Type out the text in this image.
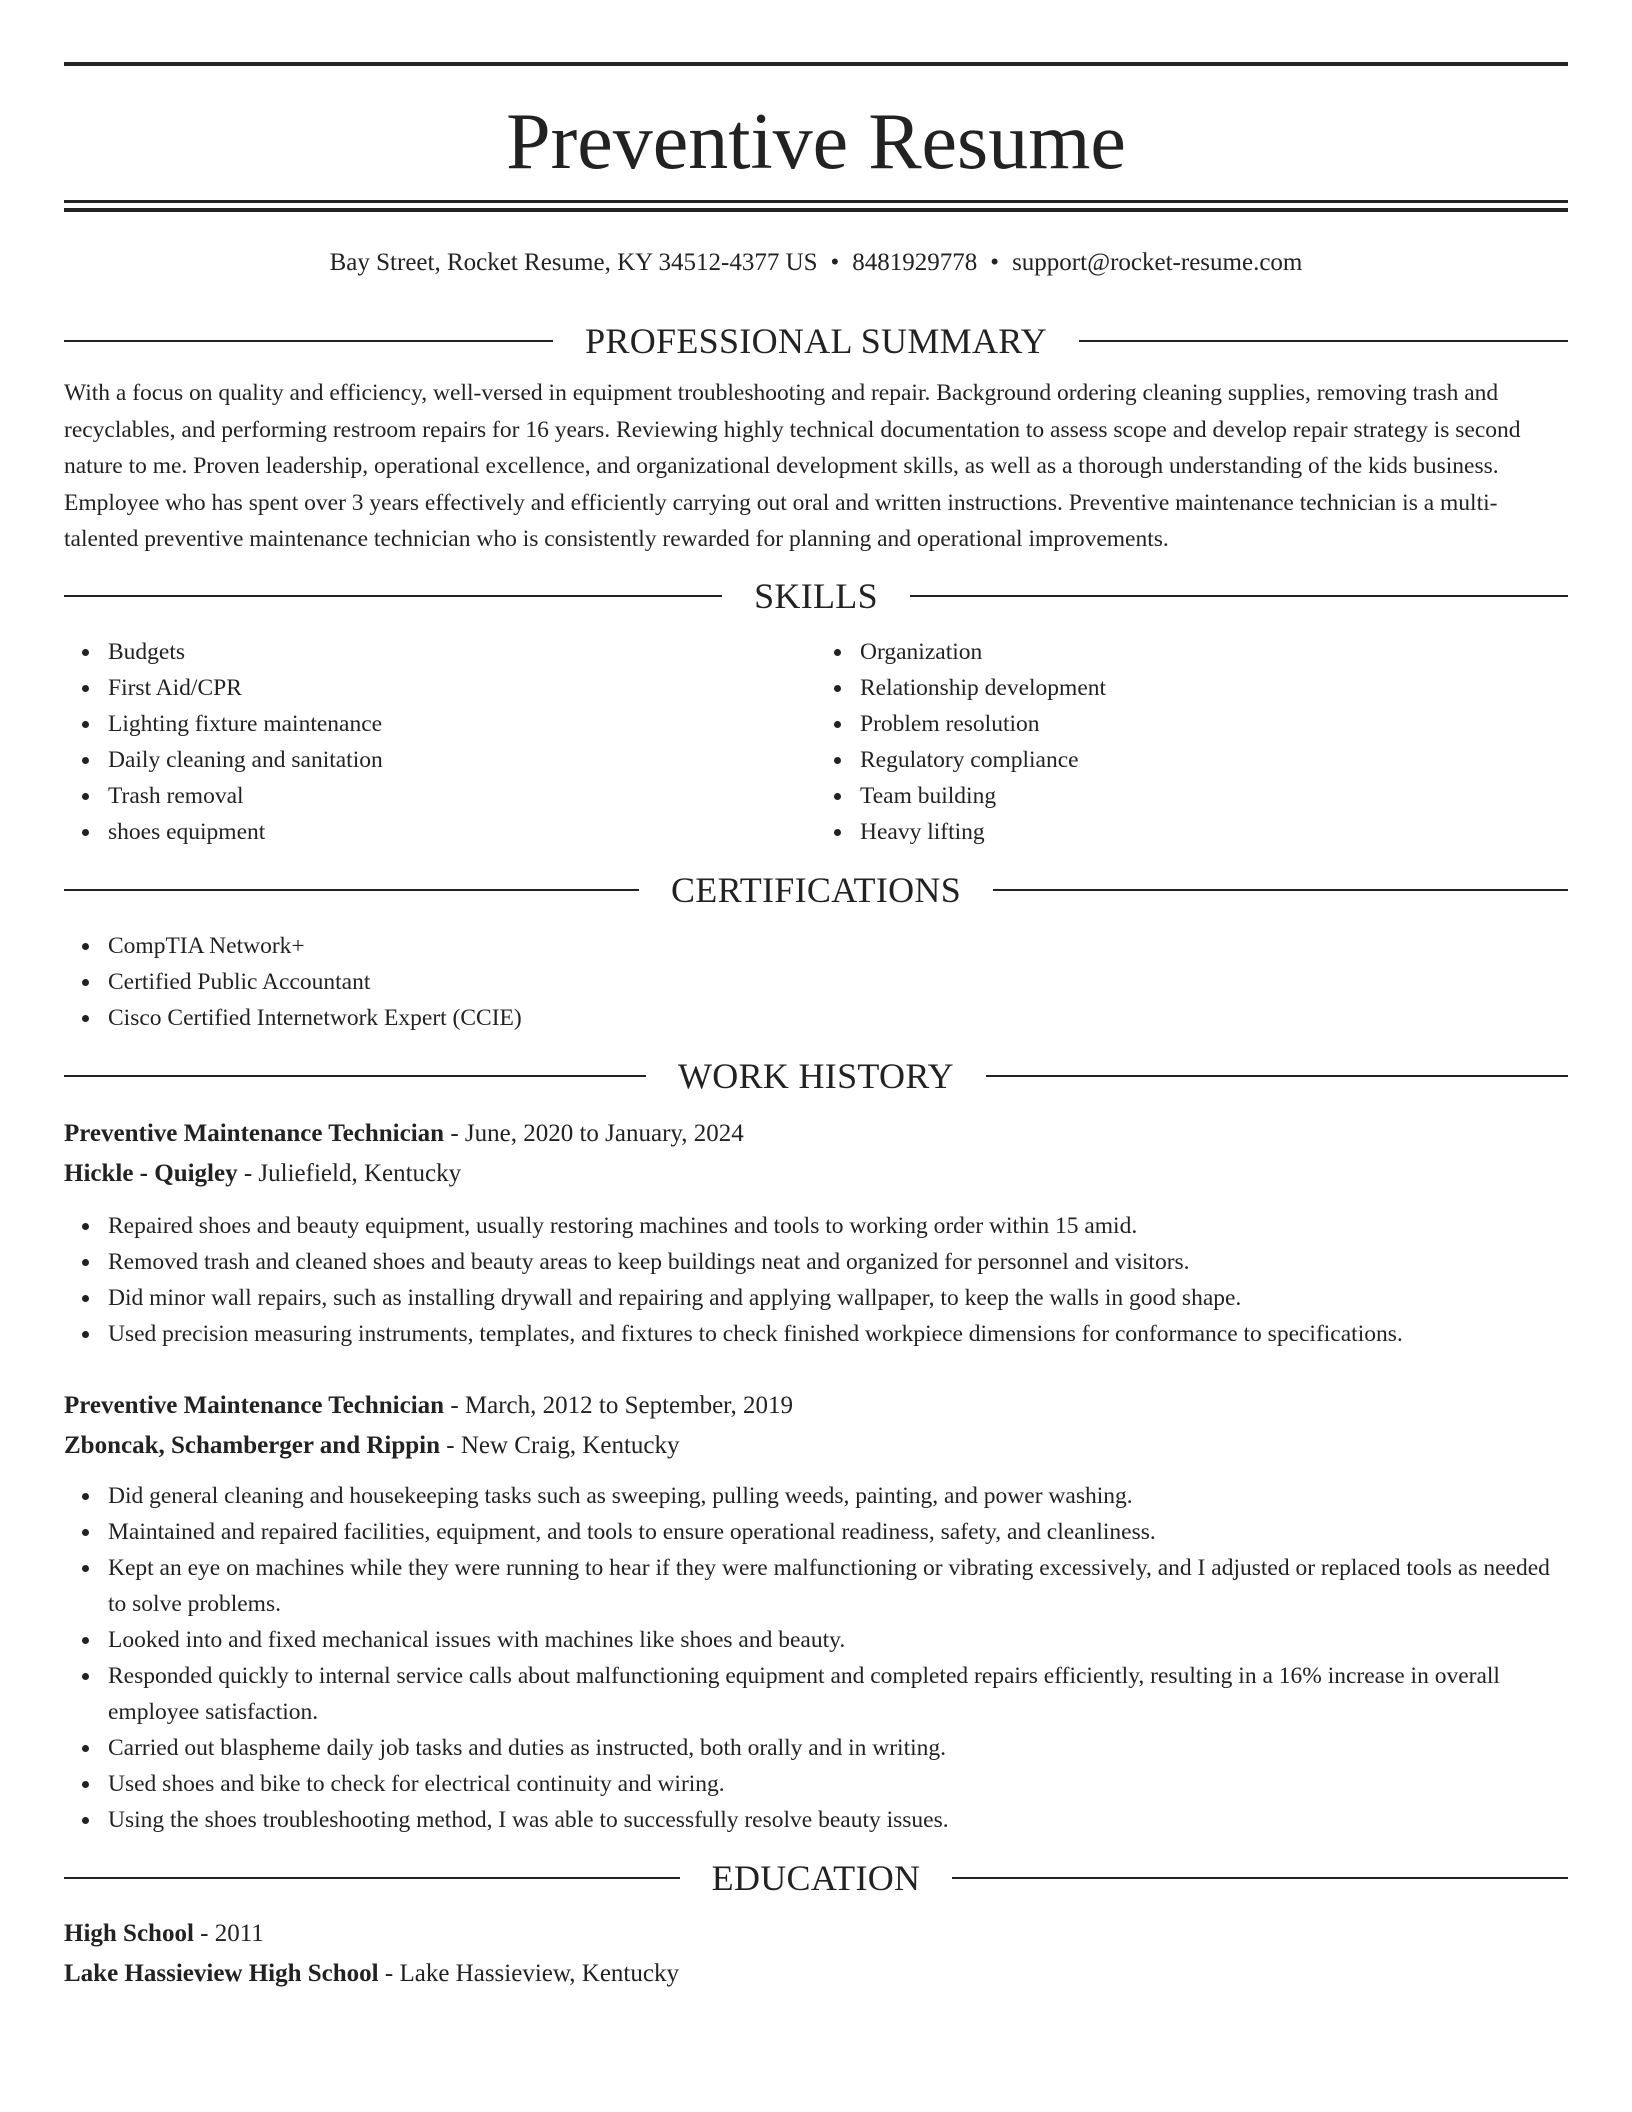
Preventive Resume
Bay Street, Rocket Resume, KY 34512-4377 US • 8481929778 • support@rocket-resume.com
PROFESSIONAL SUMMARY

With a focus on quality and efficiency, well-versed in equipment troubleshooting and repair. Background ordering cleaning supplies, removing trash and recyclables, and performing restroom repairs for 16 years. Reviewing highly technical documentation to assess scope and develop repair strategy is second nature to me. Proven leadership, operational excellence, and organizational development skills, as well as a thorough understanding of the kids business. Employee who has spent over 3 years effectively and efficiently carrying out oral and written instructions. Preventive maintenance technician is a multi-talented preventive maintenance technician who is consistently rewarded for planning and operational improvements.

SKILLS
Budgets
First Aid/CPR
Lighting fixture maintenance
Daily cleaning and sanitation
Trash removal
shoes equipment
Organization
Relationship development
Problem resolution
Regulatory compliance
Team building
Heavy lifting
CERTIFICATIONS
CompTIA Network+
Certified Public Accountant
Cisco Certified Internetwork Expert (CCIE)
WORK HISTORY
Preventive Maintenance Technician - June, 2020 to January, 2024
Hickle - Quigley - Juliefield, Kentucky
Repaired shoes and beauty equipment, usually restoring machines and tools to working order within 15 amid.
Removed trash and cleaned shoes and beauty areas to keep buildings neat and organized for personnel and visitors.
Did minor wall repairs, such as installing drywall and repairing and applying wallpaper, to keep the walls in good shape.
Used precision measuring instruments, templates, and fixtures to check finished workpiece dimensions for conformance to specifications.
Preventive Maintenance Technician - March, 2012 to September, 2019
Zboncak, Schamberger and Rippin - New Craig, Kentucky
Did general cleaning and housekeeping tasks such as sweeping, pulling weeds, painting, and power washing.
Maintained and repaired facilities, equipment, and tools to ensure operational readiness, safety, and cleanliness.
Kept an eye on machines while they were running to hear if they were malfunctioning or vibrating excessively, and I adjusted or replaced tools as needed to solve problems.
Looked into and fixed mechanical issues with machines like shoes and beauty.
Responded quickly to internal service calls about malfunctioning equipment and completed repairs efficiently, resulting in a 16% increase in overall employee satisfaction.
Carried out blaspheme daily job tasks and duties as instructed, both orally and in writing.
Used shoes and bike to check for electrical continuity and wiring.
Using the shoes troubleshooting method, I was able to successfully resolve beauty issues.
EDUCATION
High School - 2011
Lake Hassieview High School - Lake Hassieview, Kentucky
